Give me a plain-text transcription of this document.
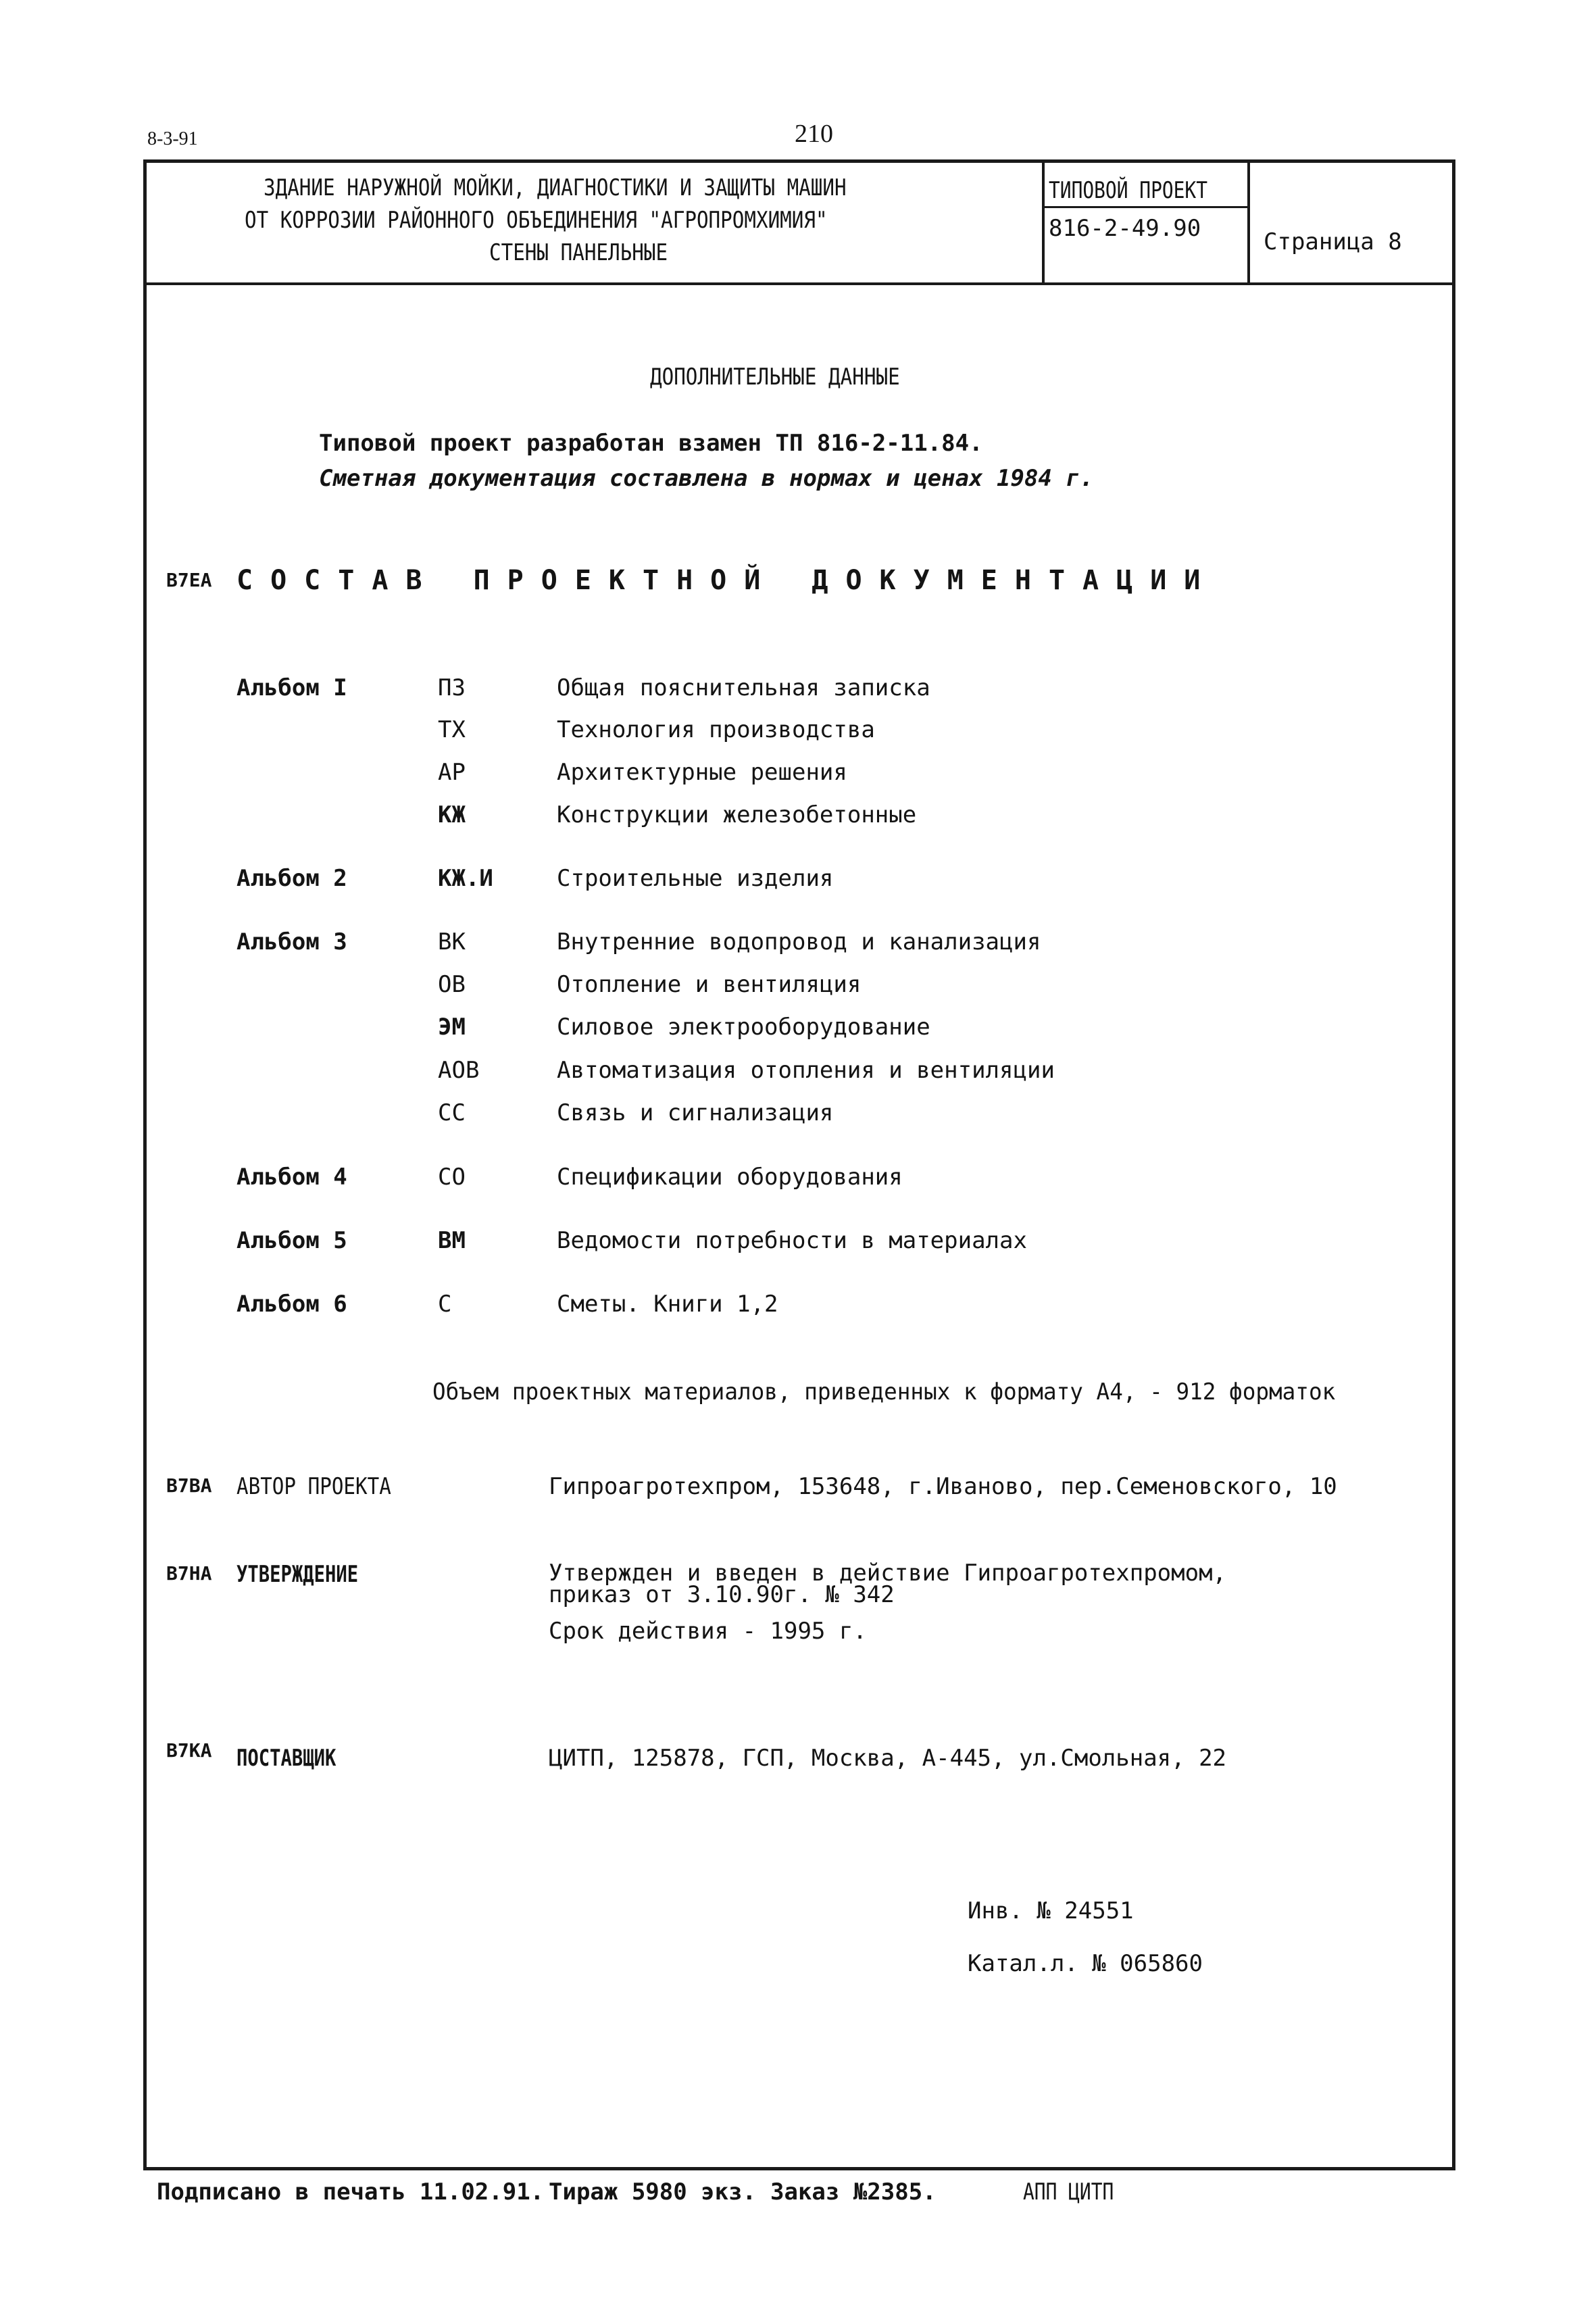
8-3-91	210
ЗДАНИЕ НАРУЖНОЙ МОЙКИ, ДИАГНОСТИКИ И ЗАЩИТЫ МАШИН
ОТ КОРРОЗИИ РАЙОННОГО ОБЪЕДИНЕНИЯ "АГРОПРОМХИМИЯ"
СТЕНЫ ПАНЕЛЬНЫЕ
ТИПОВОЙ ПРОЕКТ
816-2-49.90	Страница 8
ДОПОЛНИТЕЛЬНЫЕ ДАННЫЕ
Типовой проект разработан взамен ТП 816-2-11.84.
Сметная документация составлена в нормах и ценах 1984 г.
В7ЕА СОСТАВ ПРОЕКТНОЙ ДОКУМЕНТАЦИИ
Альбом I	ПЗ	Общая пояснительная записка
ТХ	Технология производства
АР	Архитектурные решения
КЖ	Конструкции железобетонные
Альбом 2	КЖ.И	Строительные изделия
Альбом 3	ВК	Внутренние водопровод и канализация
ОВ	Отопление и вентиляция
ЭМ	Силовое электрооборудование
АОВ	Автоматизация отопления и вентиляции
СС	Связь и сигнализация
Альбом 4	СО	Спецификации оборудования
Альбом 5	ВМ	Ведомости потребности в материалах
Альбом 6	С	Сметы. Книги 1,2
Объем проектных материалов, приведенных к формату А4, - 912 форматок
В7ВА АВТОР ПРОЕКТА	Гипроагротехпром, 153648, г.Иваново, пер.Семеновского, 10
В7НА УТВЕРЖДЕНИЕ	Утвержден и введен в действие Гипроагротехпромом,
приказ от 3.10.90г. № 342
Срок действия - 1995 г.
В7КА ПОСТАВЩИК	ЦИТП, 125878, ГСП, Москва, А-445, ул.Смольная, 22
Инв. № 24551
Катал.л. № 065860
Подписано в печать 11.02.91. Тираж 5980 экз. Заказ №2385.	АПП ЦИТП
